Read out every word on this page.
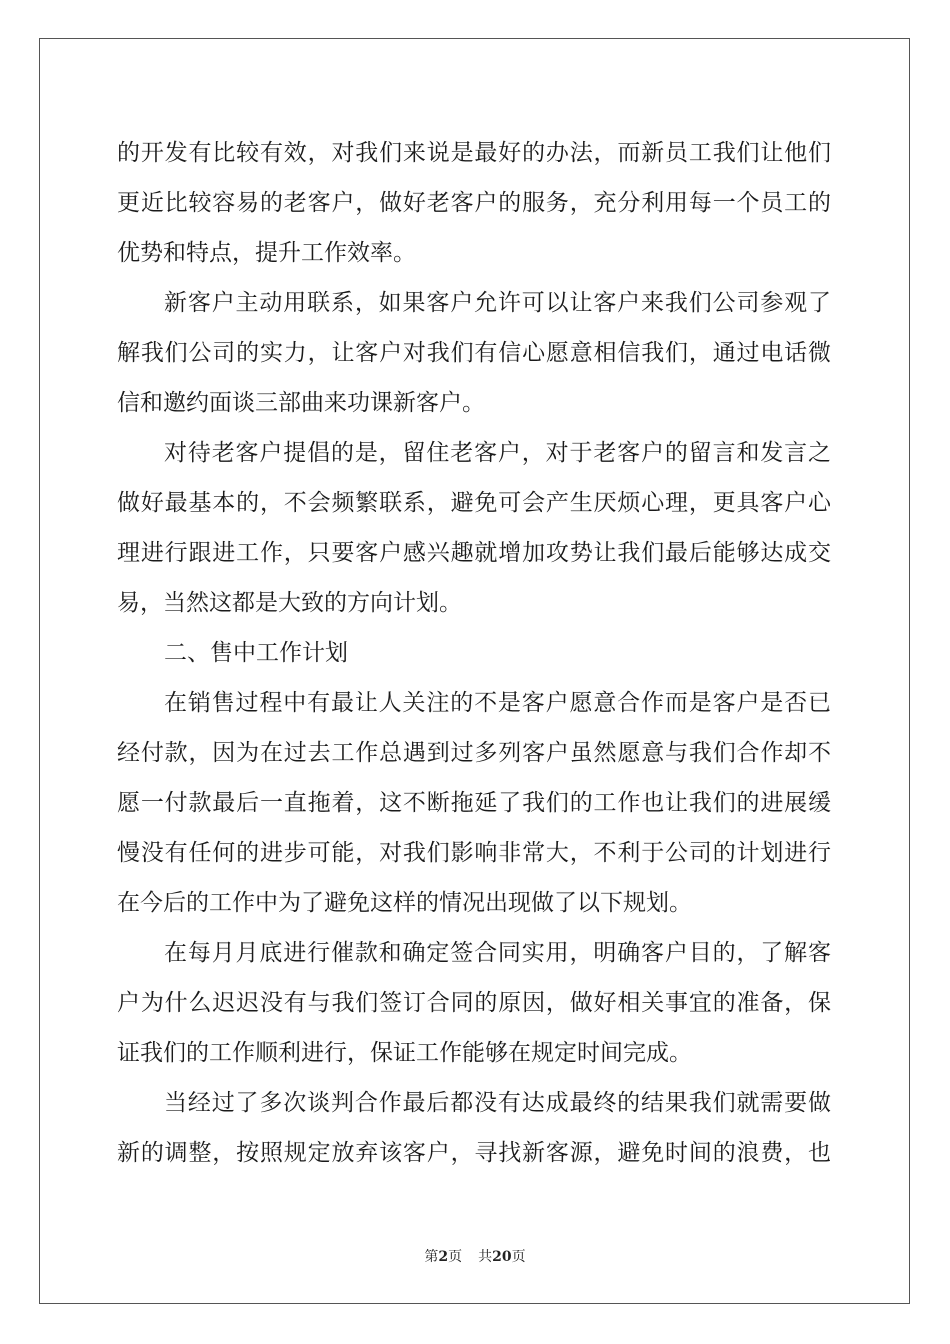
的开发有比较有效，对我们来说是最好的办法，而新员工我们让他们
更近比较容易的老客户，做好老客户的服务，充分利用每一个员工的
优势和特点，提升工作效率。
新客户主动用联系，如果客户允许可以让客户来我们公司参观了
解我们公司的实力，让客户对我们有信心愿意相信我们，通过电话微
信和邀约面谈三部曲来功课新客户。
对待老客户提倡的是，留住老客户，对于老客户的留言和发言之
做好最基本的，不会频繁联系，避免可会产生厌烦心理，更具客户心
理进行跟进工作，只要客户感兴趣就增加攻势让我们最后能够达成交
易，当然这都是大致的方向计划。
二、售中工作计划
在销售过程中有最让人关注的不是客户愿意合作而是客户是否已
经付款，因为在过去工作总遇到过多列客户虽然愿意与我们合作却不
愿一付款最后一直拖着，这不断拖延了我们的工作也让我们的进展缓
慢没有任何的进步可能，对我们影响非常大，不利于公司的计划进行
在今后的工作中为了避免这样的情况出现做了以下规划。
在每月月底进行催款和确定签合同实用，明确客户目的，了解客
户为什么迟迟没有与我们签订合同的原因，做好相关事宜的准备，保
证我们的工作顺利进行，保证工作能够在规定时间完成。
当经过了多次谈判合作最后都没有达成最终的结果我们就需要做
新的调整，按照规定放弃该客户，寻找新客源，避免时间的浪费，也
第2页 共20页
